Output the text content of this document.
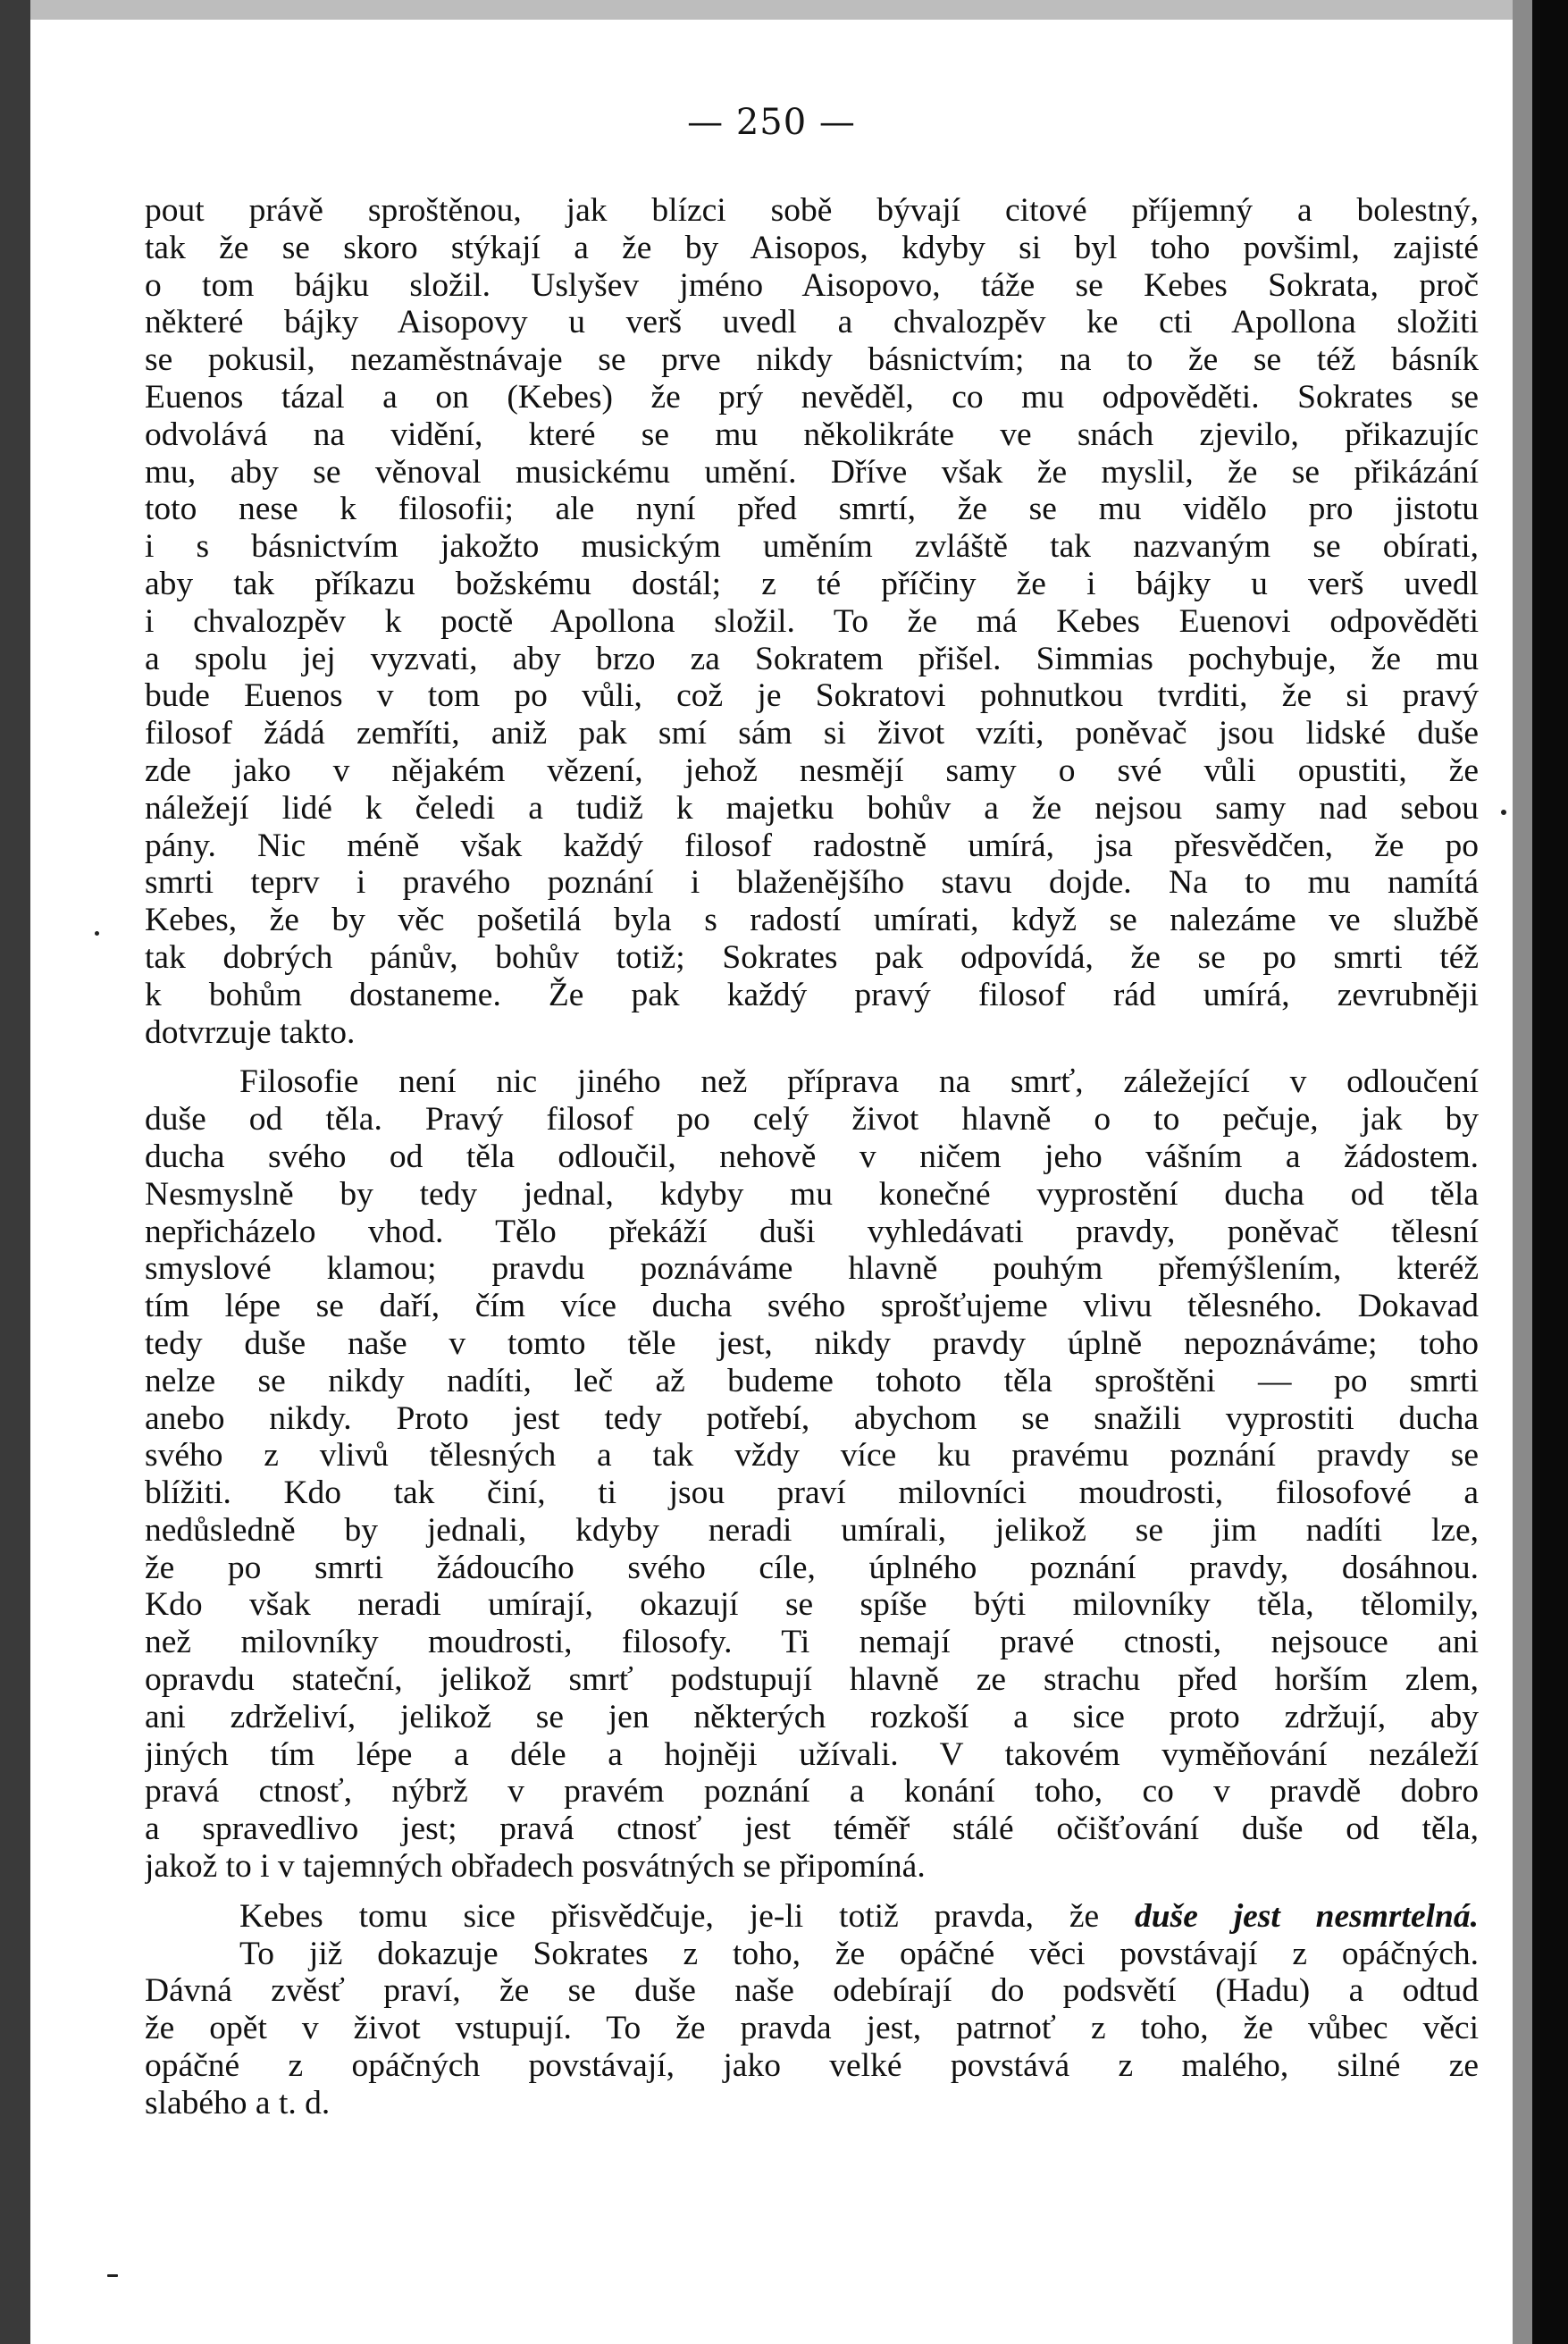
— 250 —
pout právě sproštěnou, jak blízci sobě bývají citové příjemný a bolestný,
tak že se skoro stýkají a že by Aisopos, kdyby si byl toho povšiml, zajisté
o tom bájku složil. Uslyšev jméno Aisopovo, táže se Kebes Sokrata, proč
některé bájky Aisopovy u verš uvedl a chvalozpěv ke cti Apollona složiti
se pokusil, nezaměstnávaje se prve nikdy básnictvím; na to že se též básník
Euenos tázal a on (Kebes) že prý nevěděl, co mu odpověděti. Sokrates se
odvolává na vidění, které se mu několikráte ve snách zjevilo, přikazujíc
mu, aby se věnoval musickému umění. Dříve však že myslil, že se přikázání
toto nese k filosofii; ale nyní před smrtí, že se mu vidělo pro jistotu
i s básnictvím jakožto musickým uměním zvláště tak nazvaným se obírati,
aby tak příkazu božskému dostál; z té příčiny že i bájky u verš uvedl
i chvalozpěv k poctě Apollona složil. To že má Kebes Euenovi odpověděti
a spolu jej vyzvati, aby brzo za Sokratem přišel. Simmias pochybuje, že mu
bude Euenos v tom po vůli, což je Sokratovi pohnutkou tvrditi, že si pravý
filosof žádá zemříti, aniž pak smí sám si život vzíti, poněvač jsou lidské duše
zde jako v nějakém vězení, jehož nesmějí samy o své vůli opustiti, že
náležejí lidé k čeledi a tudiž k majetku bohův a že nejsou samy nad sebou
pány. Nic méně však každý filosof radostně umírá, jsa přesvědčen, že po
smrti teprv i pravého poznání i blaženějšího stavu dojde. Na to mu namítá
Kebes, že by věc pošetilá byla s radostí umírati, když se nalezáme ve službě
tak dobrých pánův, bohův totiž; Sokrates pak odpovídá, že se po smrti též
k bohům dostaneme. Že pak každý pravý filosof rád umírá, zevrubněji
dotvrzuje takto.
Filosofie není nic jiného než příprava na smrť, záležející v odloučení
duše od těla. Pravý filosof po celý život hlavně o to pečuje, jak by
ducha svého od těla odloučil, nehově v ničem jeho vášním a žádostem.
Nesmyslně by tedy jednal, kdyby mu konečné vyprostění ducha od těla
nepřicházelo vhod. Tělo překáží duši vyhledávati pravdy, poněvač tělesní
smyslové klamou; pravdu poznáváme hlavně pouhým přemýšlením, kteréž
tím lépe se daří, čím více ducha svého sprošťujeme vlivu tělesného. Dokavad
tedy duše naše v tomto těle jest, nikdy pravdy úplně nepoznáváme; toho
nelze se nikdy nadíti, leč až budeme tohoto těla sproštěni — po smrti
anebo nikdy. Proto jest tedy potřebí, abychom se snažili vyprostiti ducha
svého z vlivů tělesných a tak vždy více ku pravému poznání pravdy se
blížiti. Kdo tak činí, ti jsou praví milovníci moudrosti, filosofové a
nedůsledně by jednali, kdyby neradi umírali, jelikož se jim nadíti lze,
že po smrti žádoucího svého cíle, úplného poznání pravdy, dosáhnou.
Kdo však neradi umírají, okazují se spíše býti milovníky těla, tělomily,
než milovníky moudrosti, filosofy. Ti nemají pravé ctnosti, nejsouce ani
opravdu stateční, jelikož smrť podstupují hlavně ze strachu před horším zlem,
ani zdrželiví, jelikož se jen některých rozkoší a sice proto zdržují, aby
jiných tím lépe a déle a hojněji užívali. V takovém vyměňování nezáleží
pravá ctnosť, nýbrž v pravém poznání a konání toho, co v pravdě dobro
a spravedlivo jest; pravá ctnosť jest téměř stálé očišťování duše od těla,
jakož to i v tajemných obřadech posvátných se připomíná.
Kebes tomu sice přisvědčuje, je-li totiž pravda, že duše jest nesmrtelná.
To již dokazuje Sokrates z toho, že opáčné věci povstávají z opáčných.
Dávná zvěsť praví, že se duše naše odebírají do podsvětí (Hadu) a odtud
že opět v život vstupují. To že pravda jest, patrnoť z toho, že vůbec věci
opáčné z opáčných povstávají, jako velké povstává z malého, silné ze
slabého a t. d.
